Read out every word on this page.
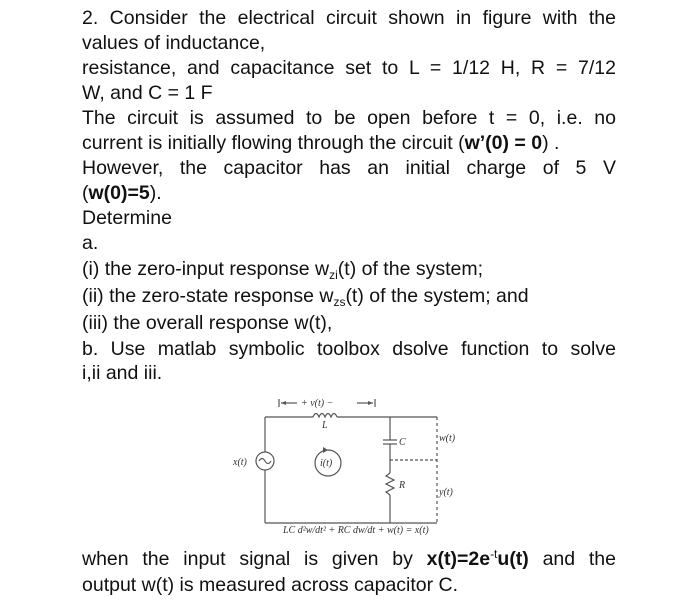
2. Consider the electrical circuit shown in figure with the
values of inductance,
resistance, and capacitance set to L = 1/12 H, R = 7/12
W, and C = 1 F
The circuit is assumed to be open before t = 0, i.e. no
current is initially flowing through the circuit (w’(0) = 0) .
However, the capacitor has an initial charge of 5 V
(w(0)=5).
Determine
a.
(i) the zero-input response $w_{zi}(t)$ of the system;
(ii) the zero-state response $w_{zs}(t)$ of the system; and
(iii) the overall response w(t),
b. Use matlab symbolic toolbox dsolve function to solve
i,ii and iii.
+ v(t) −
L
C
R
x(t)	i(t)
w(t)
y(t)
LC d²w/dt² + RC dw/dt + w(t) = x(t)
when the input signal is given by $x(t)=2e^{-t}u(t)$ and the
output w(t) is measured across capacitor C.
